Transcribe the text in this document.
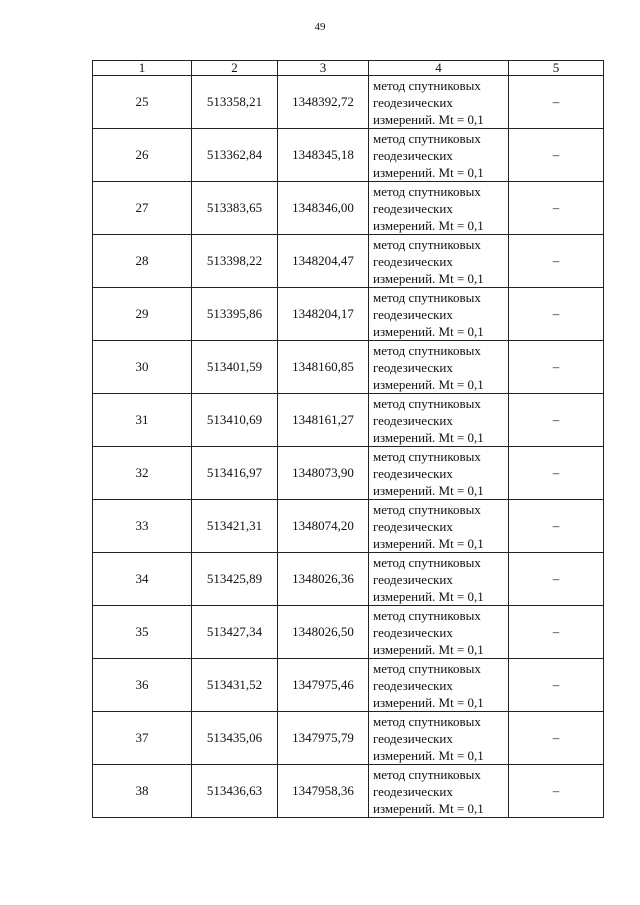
49
1	2	3	4	5
25	513358,21	1348392,72	метод спутниковых
геодезических
измерений. Mt = 0,1	–
26	513362,84	1348345,18	метод спутниковых
геодезических
измерений. Mt = 0,1	–
27	513383,65	1348346,00	метод спутниковых
геодезических
измерений. Mt = 0,1	–
28	513398,22	1348204,47	метод спутниковых
геодезических
измерений. Mt = 0,1	–
29	513395,86	1348204,17	метод спутниковых
геодезических
измерений. Mt = 0,1	–
30	513401,59	1348160,85	метод спутниковых
геодезических
измерений. Mt = 0,1	–
31	513410,69	1348161,27	метод спутниковых
геодезических
измерений. Mt = 0,1	–
32	513416,97	1348073,90	метод спутниковых
геодезических
измерений. Mt = 0,1	–
33	513421,31	1348074,20	метод спутниковых
геодезических
измерений. Mt = 0,1	–
34	513425,89	1348026,36	метод спутниковых
геодезических
измерений. Mt = 0,1	–
35	513427,34	1348026,50	метод спутниковых
геодезических
измерений. Mt = 0,1	–
36	513431,52	1347975,46	метод спутниковых
геодезических
измерений. Mt = 0,1	–
37	513435,06	1347975,79	метод спутниковых
геодезических
измерений. Mt = 0,1	–
38	513436,63	1347958,36	метод спутниковых
геодезических
измерений. Mt = 0,1	–
